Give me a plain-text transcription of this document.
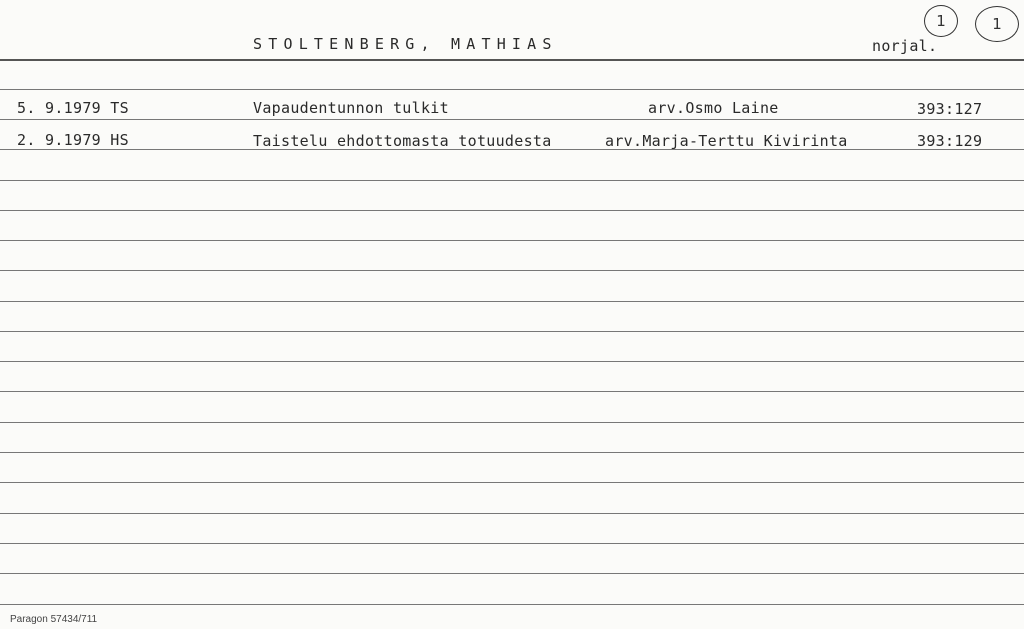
STOLTENBERG, MATHIAS	norjal.
1	1
5. 9.1979 TS	Vapaudentunnon tulkit	arv.Osmo Laine	393:127
2. 9.1979 HS	Taistelu ehdottomasta totuudesta	arv.Marja-Terttu Kivirinta	393:129
Paragon 57434/711
